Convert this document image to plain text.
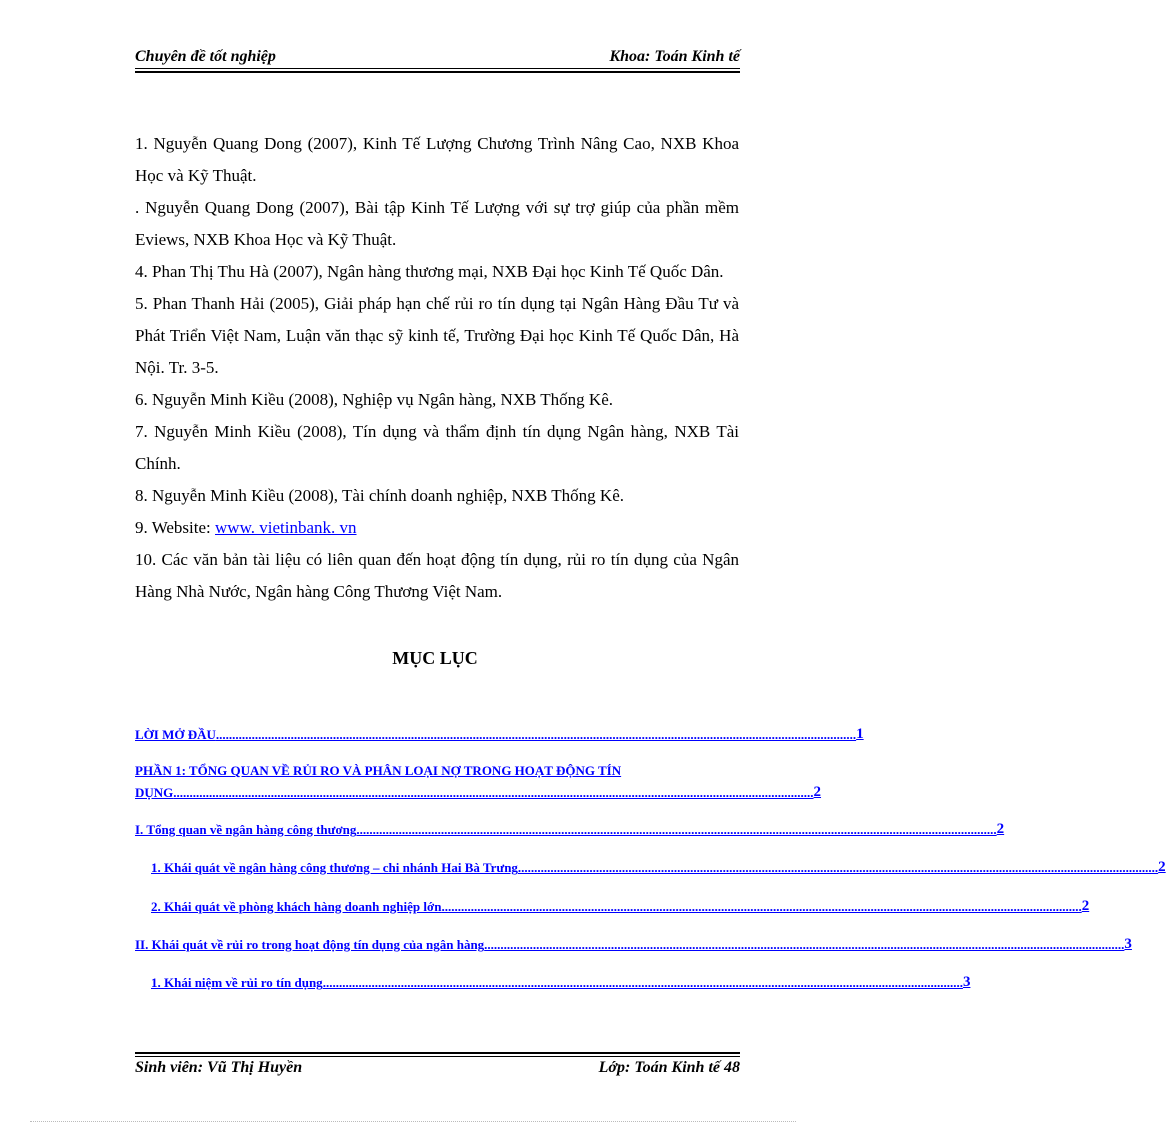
Chuyên đề tốt nghiệp	Khoa: Toán Kinh tế

1. Nguyễn Quang Dong (2007), Kinh Tế Lượng Chương Trình Nâng Cao, NXB Khoa Học và Kỹ Thuật.

. Nguyễn Quang Dong (2007), Bài tập Kinh Tế Lượng với sự trợ giúp của phần mềm Eviews, NXB Khoa Học và Kỹ Thuật.

4. Phan Thị Thu Hà (2007), Ngân hàng thương mại, NXB Đại học Kinh Tế Quốc Dân.

5. Phan Thanh Hải (2005), Giải pháp hạn chế rủi ro tín dụng tại Ngân Hàng Đầu Tư và Phát Triển Việt Nam, Luận văn thạc sỹ kinh tế, Trường Đại học Kinh Tế Quốc Dân, Hà Nội. Tr. 3-5.

6. Nguyễn Minh Kiều (2008), Nghiệp vụ Ngân hàng, NXB Thống Kê.

7. Nguyễn Minh Kiều (2008), Tín dụng và thẩm định tín dụng Ngân hàng, NXB Tài Chính.

8. Nguyễn Minh Kiều (2008), Tài chính doanh nghiệp, NXB Thống Kê.

9. Website: www. vietinbank. vn

10. Các văn bản tài liệu có liên quan đến hoạt động tín dụng, rủi ro tín dụng của Ngân Hàng Nhà Nước, Ngân hàng Công Thương Việt Nam.

MỤC LỤC
LỜI MỞ ĐẦU ..................................................................................................................................................................................................... 1
PHẦN 1: TỔNG QUAN VỀ RỦI RO VÀ PHÂN LOẠI NỢ TRONG HOẠT ĐỘNG TÍN
DỤNG ..................................................................................................................................................................................................... 2
I. Tổng quan về ngân hàng công thương ..................................................................................................................................................................................................... 2
1. Khái quát về ngân hàng công thương – chi nhánh Hai Bà Trưng ..................................................................................................................................................................................................... 2
2. Khái quát về phòng khách hàng doanh nghiệp lớn ..................................................................................................................................................................................................... 2
II. Khái quát về rủi ro trong hoạt động tín dụng của ngân hàng ..................................................................................................................................................................................................... 3
1. Khái niệm về rủi ro tín dụng ..................................................................................................................................................................................................... 3
Sinh viên: Vũ Thị Huyền	Lớp: Toán Kinh tế 48
